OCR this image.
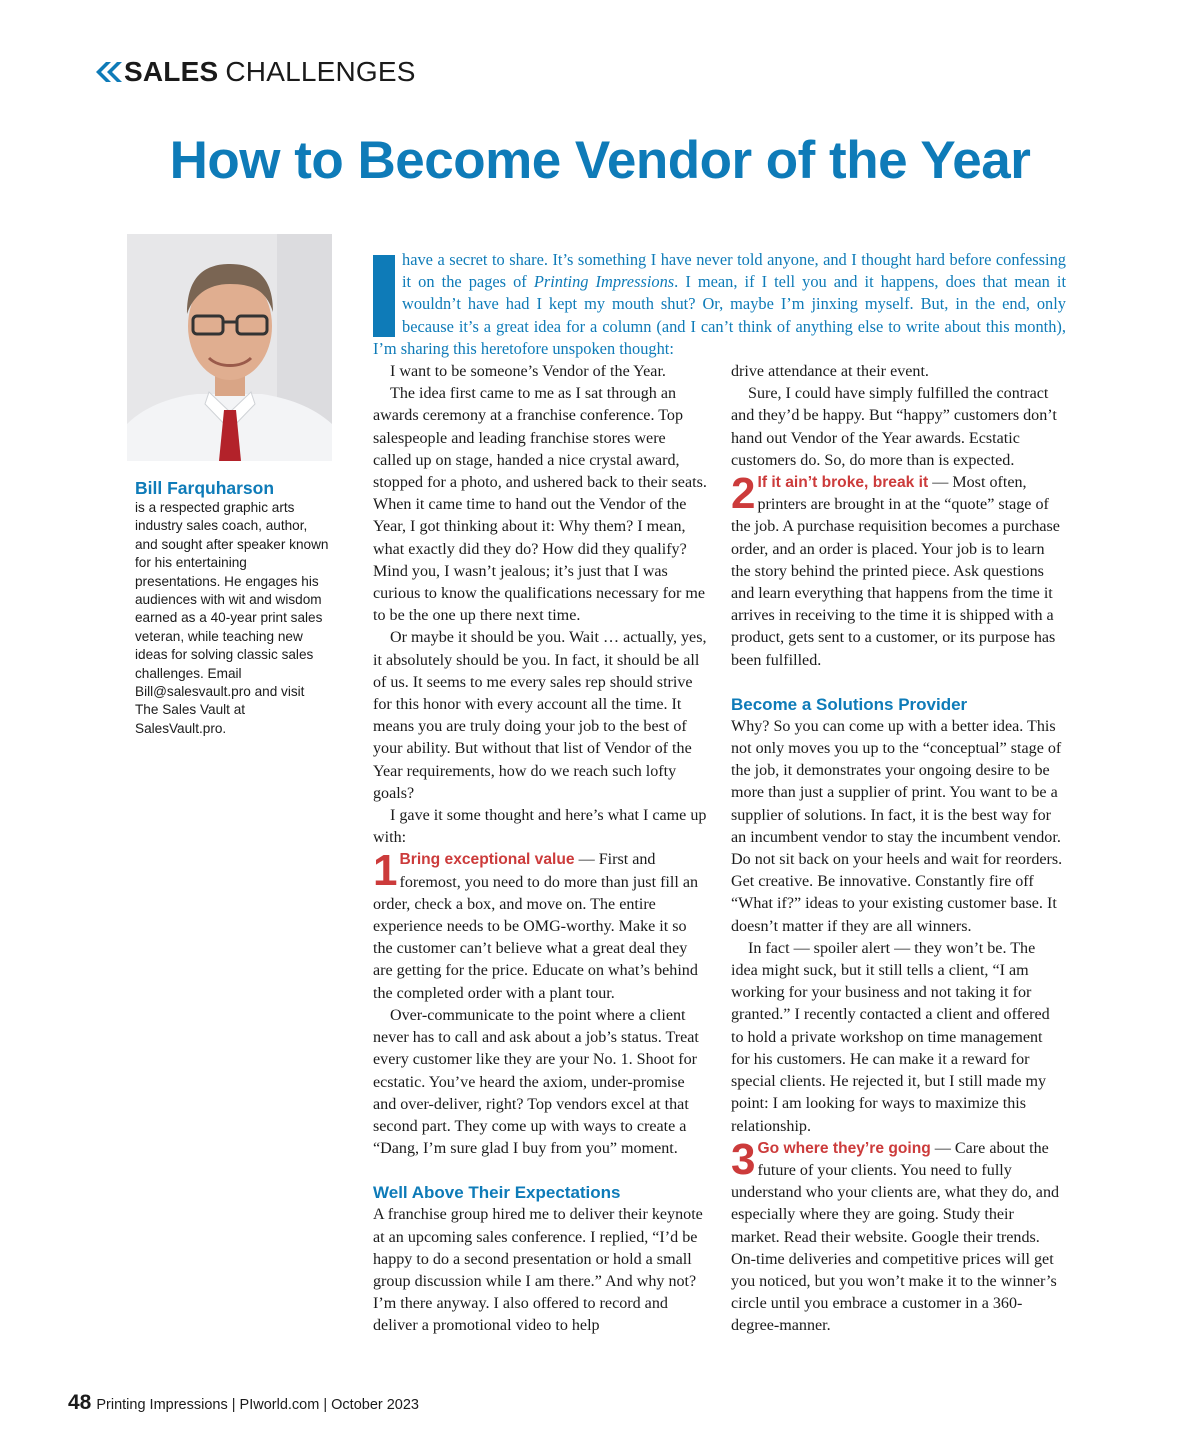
SALES CHALLENGES
How to Become Vendor of the Year
Bill Farquharson
is a respected graphic arts industry sales coach, author, and sought after speaker known for his entertaining presentations. He engages his audiences with wit and wisdom earned as a 40-year print sales veteran, while teaching new ideas for solving classic sales challenges. Email Bill@salesvault.pro and visit The Sales Vault at SalesVault.pro.

have a secret to share. It’s something I have never told anyone, and I thought hard before confessing it on the pages of Printing Impressions. I mean, if I tell you and it happens, does that mean it wouldn’t have had I kept my mouth shut? Or, maybe I’m jinxing myself. But, in the end, only because it’s a great idea for a column (and I can’t think of anything else to write about this month), I’m sharing this heretofore unspoken thought:

I want to be someone’s Vendor of the Year.

The idea first came to me as I sat through an awards ceremony at a franchise conference. Top salespeople and leading franchise stores were called up on stage, handed a nice crystal award, stopped for a photo, and ushered back to their seats. When it came time to hand out the Vendor of the Year, I got thinking about it: Why them? I mean, what exactly did they do? How did they qualify? Mind you, I wasn’t jealous; it’s just that I was curious to know the qualifications necessary for me to be the one up there next time.

Or maybe it should be you. Wait … actually, yes, it absolutely should be you. In fact, it should be all of us. It seems to me every sales rep should strive for this honor with every account all the time. It means you are truly doing your job to the best of your ability. But without that list of Vendor of the Year requirements, how do we reach such lofty goals?

I gave it some thought and here’s what I came up with:

1 Bring exceptional value — First and foremost, you need to do more than just fill an order, check a box, and move on. The entire experience needs to be OMG-worthy. Make it so the customer can’t believe what a great deal they are getting for the price. Educate on what’s behind the completed order with a plant tour.

Over-communicate to the point where a client never has to call and ask about a job’s status. Treat every customer like they are your No. 1. Shoot for ecstatic. You’ve heard the axiom, under-promise and over-deliver, right? Top vendors excel at that second part. They come up with ways to create a “Dang, I’m sure glad I buy from you” moment.

Well Above Their Expectations

A franchise group hired me to deliver their keynote at an upcoming sales conference. I replied, “I’d be happy to do a second presentation or hold a small group discussion while I am there.” And why not? I’m there anyway. I also offered to record and deliver a promotional video to help

drive attendance at their event.

Sure, I could have simply fulfilled the contract and they’d be happy. But “happy” customers don’t hand out Vendor of the Year awards. Ecstatic customers do. So, do more than is expected.

2 If it ain’t broke, break it — Most often, printers are brought in at the “quote” stage of the job. A purchase requisition becomes a purchase order, and an order is placed. Your job is to learn the story behind the printed piece. Ask questions and learn everything that happens from the time it arrives in receiving to the time it is shipped with a product, gets sent to a customer, or its purpose has been fulfilled.

Become a Solutions Provider

Why? So you can come up with a better idea. This not only moves you up to the “conceptual” stage of the job, it demonstrates your ongoing desire to be more than just a supplier of print. You want to be a supplier of solutions. In fact, it is the best way for an incumbent vendor to stay the incumbent vendor. Do not sit back on your heels and wait for reorders. Get creative. Be innovative. Constantly fire off “What if?” ideas to your existing customer base. It doesn’t matter if they are all winners.

In fact — spoiler alert — they won’t be. The idea might suck, but it still tells a client, “I am working for your business and not taking it for granted.” I recently contacted a client and offered to hold a private workshop on time management for his customers. He can make it a reward for special clients. He rejected it, but I still made my point: I am looking for ways to maximize this relationship.

3 Go where they’re going — Care about the future of your clients. You need to fully understand who your clients are, what they do, and especially where they are going. Study their market. Read their website. Google their trends. On-time deliveries and competitive prices will get you noticed, but you won’t make it to the winner’s circle until you embrace a customer in a 360-degree-manner.

48 Printing Impressions | PIworld.com | October 2023
